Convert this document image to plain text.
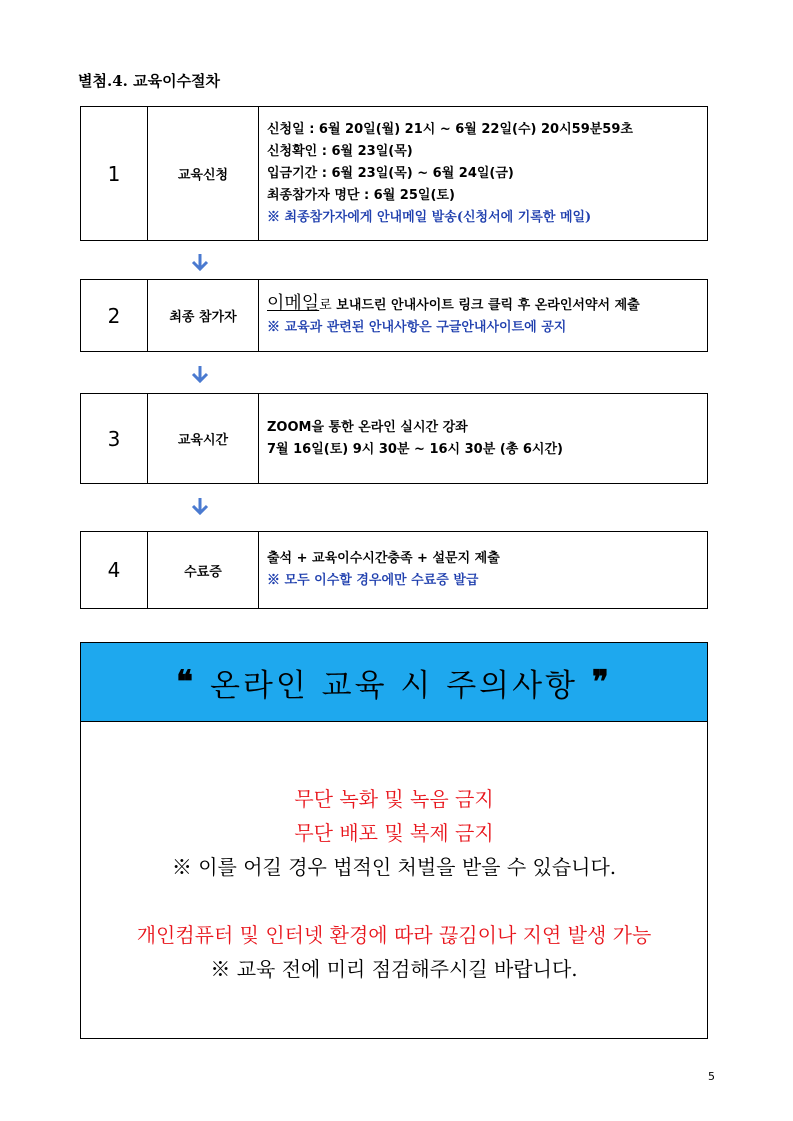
별첨.4. 교육이수절차
1	교육신청
신청일 : 6월 20일(월) 21시 ~ 6월 22일(수) 20시59분59초
신청확인 : 6월 23일(목)
입금기간 : 6월 23일(목) ~ 6월 24일(금)
최종참가자 명단 : 6월 25일(토)
※ 최종참가자에게 안내메일 발송(신청서에 기록한 메일)
2	최종 참가자
이메일로 보내드린 안내사이트 링크 클릭 후 온라인서약서 제출
※ 교육과 관련된 안내사항은 구글안내사이트에 공지
3	교육시간
ZOOM을 통한 온라인 실시간 강좌
7월 16일(토) 9시 30분 ~ 16시 30분 (총 6시간)
4	수료증
출석 + 교육이수시간충족 + 설문지 제출
※ 모두 이수할 경우에만 수료증 발급
❝ 온라인 교육 시 주의사항 ❞
무단 녹화 및 녹음 금지
무단 배포 및 복제 금지
※ 이를 어길 경우 법적인 처벌을 받을 수 있습니다.
개인컴퓨터 및 인터넷 환경에 따라 끊김이나 지연 발생 가능
※ 교육 전에 미리 점검해주시길 바랍니다.
5
